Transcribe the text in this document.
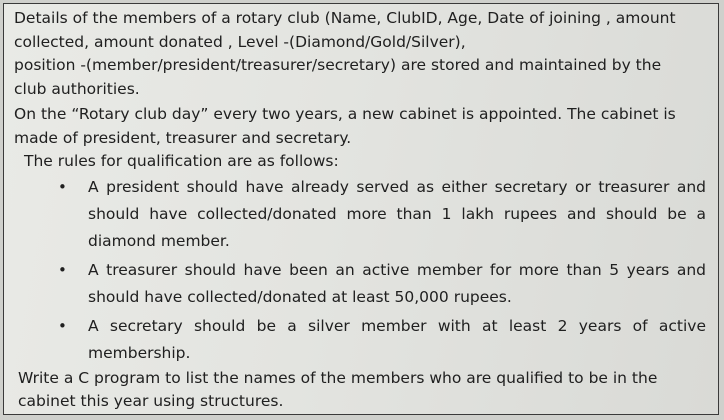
Details of the members of a rotary club (Name, ClubID, Age, Date of joining , amount
collected, amount donated , Level -(Diamond/Gold/Silver),
position -(member/president/treasurer/secretary) are stored and maintained by the
club authorities.
On the “Rotary club day” every two years, a new cabinet is appointed. The cabinet is
made of president, treasurer and secretary.
The rules for qualification are as follows:
• A president should have already served as either secretary or treasurer and should have collected/donated more than 1 lakh rupees and should be a diamond member.
• A treasurer should have been an active member for more than 5 years and should have collected/donated at least 50,000 rupees.
• A secretary should be a silver member with at least 2 years of active membership.
Write a C program to list the names of the members who are qualified to be in the
cabinet this year using structures.
